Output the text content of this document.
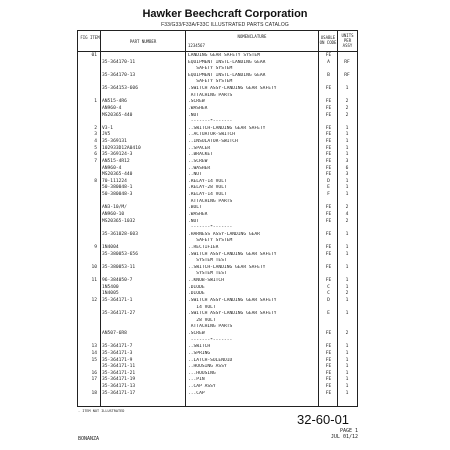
Hawker Beechcraft Corporation
F33/G33/F33A/F33C ILLUSTRATED PARTS CATALOG
FIG ITEM
PART NUMBER
NOMENCLATURE
1234567
USABLE ON CODE
UNITS PER ASSY
01	LANDING GEAR SAFETY SYSTEM	FE
35-364170-11	EQUIPMENT INSTL-LANDING GEAR	A	RF
SAFETY SYSTEM
35-364170-13	EQUIPMENT INSTL-LANDING GEAR	B	RF
SAFETY SYSTEM
35-364153-606	.SWITCH ASSY-LANDING GEAR SAFETY	FE	1
ATTACHING PARTS
1 AN515-4R6	.SCREW	FE	2
AN960-4	.WASHER	FE	2
MS20365-440	.NUT	FE	2
-------*-------
2 V3-1	..SWITCH-LANDING GEAR SAFETY	FE	1
3 JV5	..ACTUATOR-SWITCH	FE	1
4 35-369131	..INSULATOR-SWITCH	FE	1
5 102933D12A0410	..SPACER	FE	1
6 35-369124-3	..BRACKET	FE	1
7 AN515-4R12	..SCREW	FE	3
AN960-4	..WASHER	FE	6
MS20365-440	..NUT	FE	3
8 70-111224	.RELAY-14 VOLT	D	1
50-380048-1	.RELAY-28 VOLT	E	1
50-380048-3	.RELAY-14 VOLT	F	1
ATTACHING PARTS
AN3-10/M/	.BOLT	FE	2
AN960-10	.WASHER	FE	4
MS20365-1032	.NUT	FE	2
-------*-------
35-361028-603	.HARNESS ASSY-LANDING GEAR	FE	1
SAFETY SYSTEM
9 1N4004	..RECTIFIER	FE	1
35-380053-656	.SWITCH ASSY-LANDING GEAR SAFETY	FE	1
SYSTEM TEST
10 35-380053-11	..SWITCH-LANDING GEAR SAFETY	FE	1
SYSTEM TEST
11 96-384050-7	..KNOB-SWITCH	FE	1
1N5400	.DIODE	C	1
1N4005	.DIODE	C	2
12 35-364171-1	.SWITCH ASSY-LANDING GEAR SAFETY	D	1
14 VOLT
35-364171-27	.SWITCH ASSY-LANDING GEAR SAFETY	E	1
28 VOLT
ATTACHING PARTS
AN507-6R8	.SCREW	FE	2
-------*-------
13 35-364171-7	..SWITCH	FE	1
14 35-364171-3	..SPRING	FE	1
15 35-364171-9	..LATCH-SOLENOID	FE	1
35-364171-11	..HOUSING ASSY	FE	1
16 35-364171-21	...HOUSING	FE	1
17 35-364171-19	...PIN	FE	1
35-364171-13	..CAP ASSY	FE	1
18 35-364171-17	...CAP	FE	1
- ITEM NOT ILLUSTRATED
32-60-01
PAGE 1
JUL 01/12
BONANZA
